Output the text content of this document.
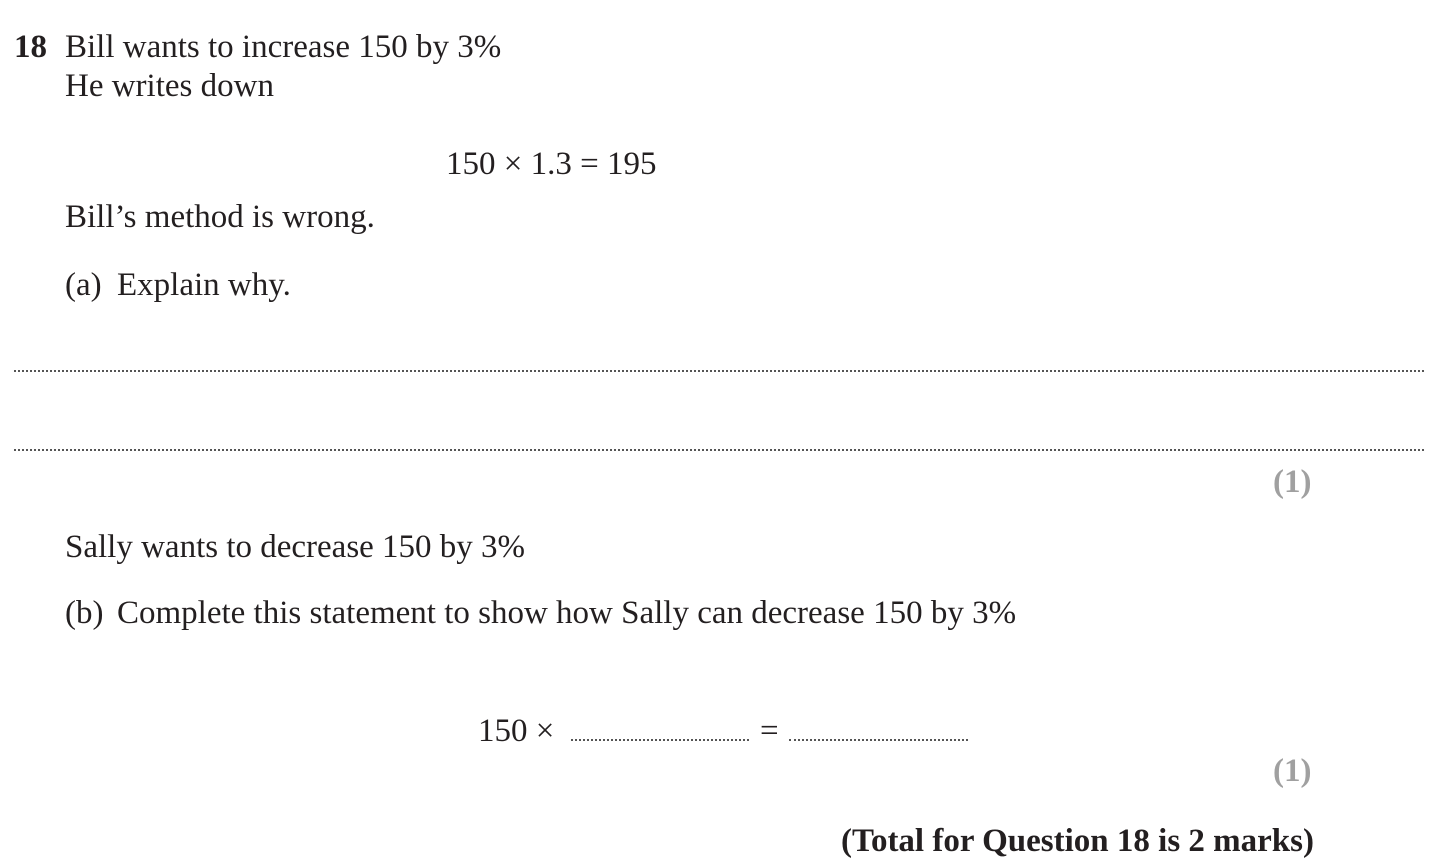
18 Bill wants to increase 150 by 3%
He writes down
150 × 1.3 = 195
Bill’s method is wrong.
(a) Explain why.
(1)
Sally wants to decrease 150 by 3%
(b) Complete this statement to show how Sally can decrease 150 by 3%
150 ×	=
(1)
(Total for Question 18 is 2 marks)
